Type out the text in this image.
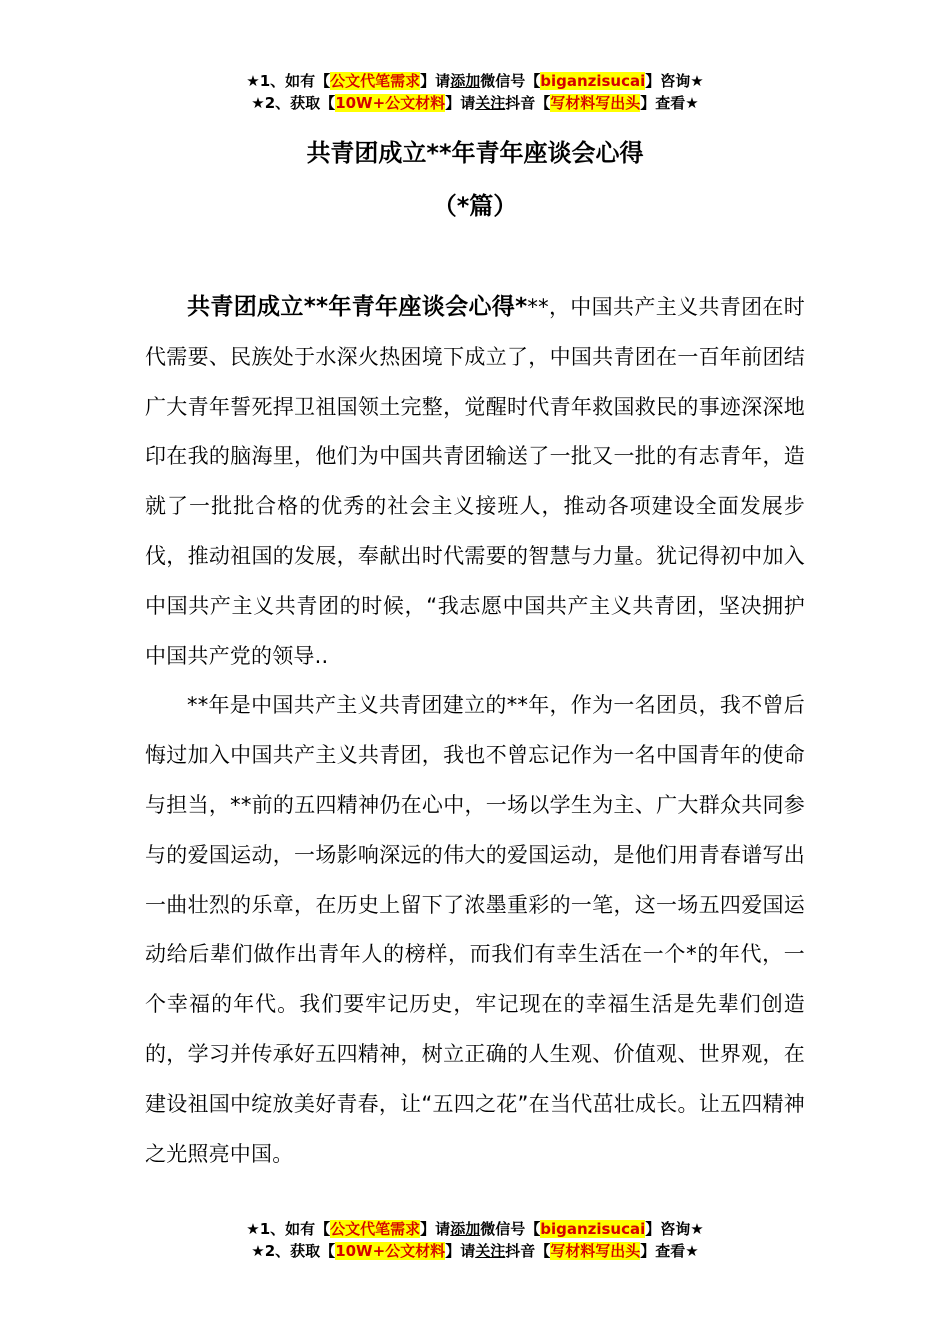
★1、如有【公文代笔需求】请添加微信号【biganzisucai】咨询★
★2、获取【10W+公文材料】请关注抖音【写材料写出头】查看★
共青团成立**年青年座谈会心得
（*篇）

共青团成立**年青年座谈会心得***，中国共产主义共青团在时代需要、民族处于水深火热困境下成立了，中国共青团在一百年前团结广大青年誓死捍卫祖国领土完整，觉醒时代青年救国救民的事迹深深地印在我的脑海里，他们为中国共青团输送了一批又一批的有志青年，造就了一批批合格的优秀的社会主义接班人，推动各项建设全面发展步伐，推动祖国的发展，奉献出时代需要的智慧与力量。犹记得初中加入中国共产主义共青团的时候，“我志愿中国共产主义共青团，坚决拥护中国共产党的领导..

**年是中国共产主义共青团建立的**年，作为一名团员，我不曾后悔过加入中国共产主义共青团，我也不曾忘记作为一名中国青年的使命与担当，**前的五四精神仍在心中，一场以学生为主、广大群众共同参与的爱国运动，一场影响深远的伟大的爱国运动，是他们用青春谱写出一曲壮烈的乐章，在历史上留下了浓墨重彩的一笔，这一场五四爱国运动给后辈们做作出青年人的榜样，而我们有幸生活在一个*的年代，一个幸福的年代。我们要牢记历史，牢记现在的幸福生活是先辈们创造的，学习并传承好五四精神，树立正确的人生观、价值观、世界观，在建设祖国中绽放美好青春，让“五四之花”在当代茁壮成长。让五四精神之光照亮中国。

★1、如有【公文代笔需求】请添加微信号【biganzisucai】咨询★
★2、获取【10W+公文材料】请关注抖音【写材料写出头】查看★
